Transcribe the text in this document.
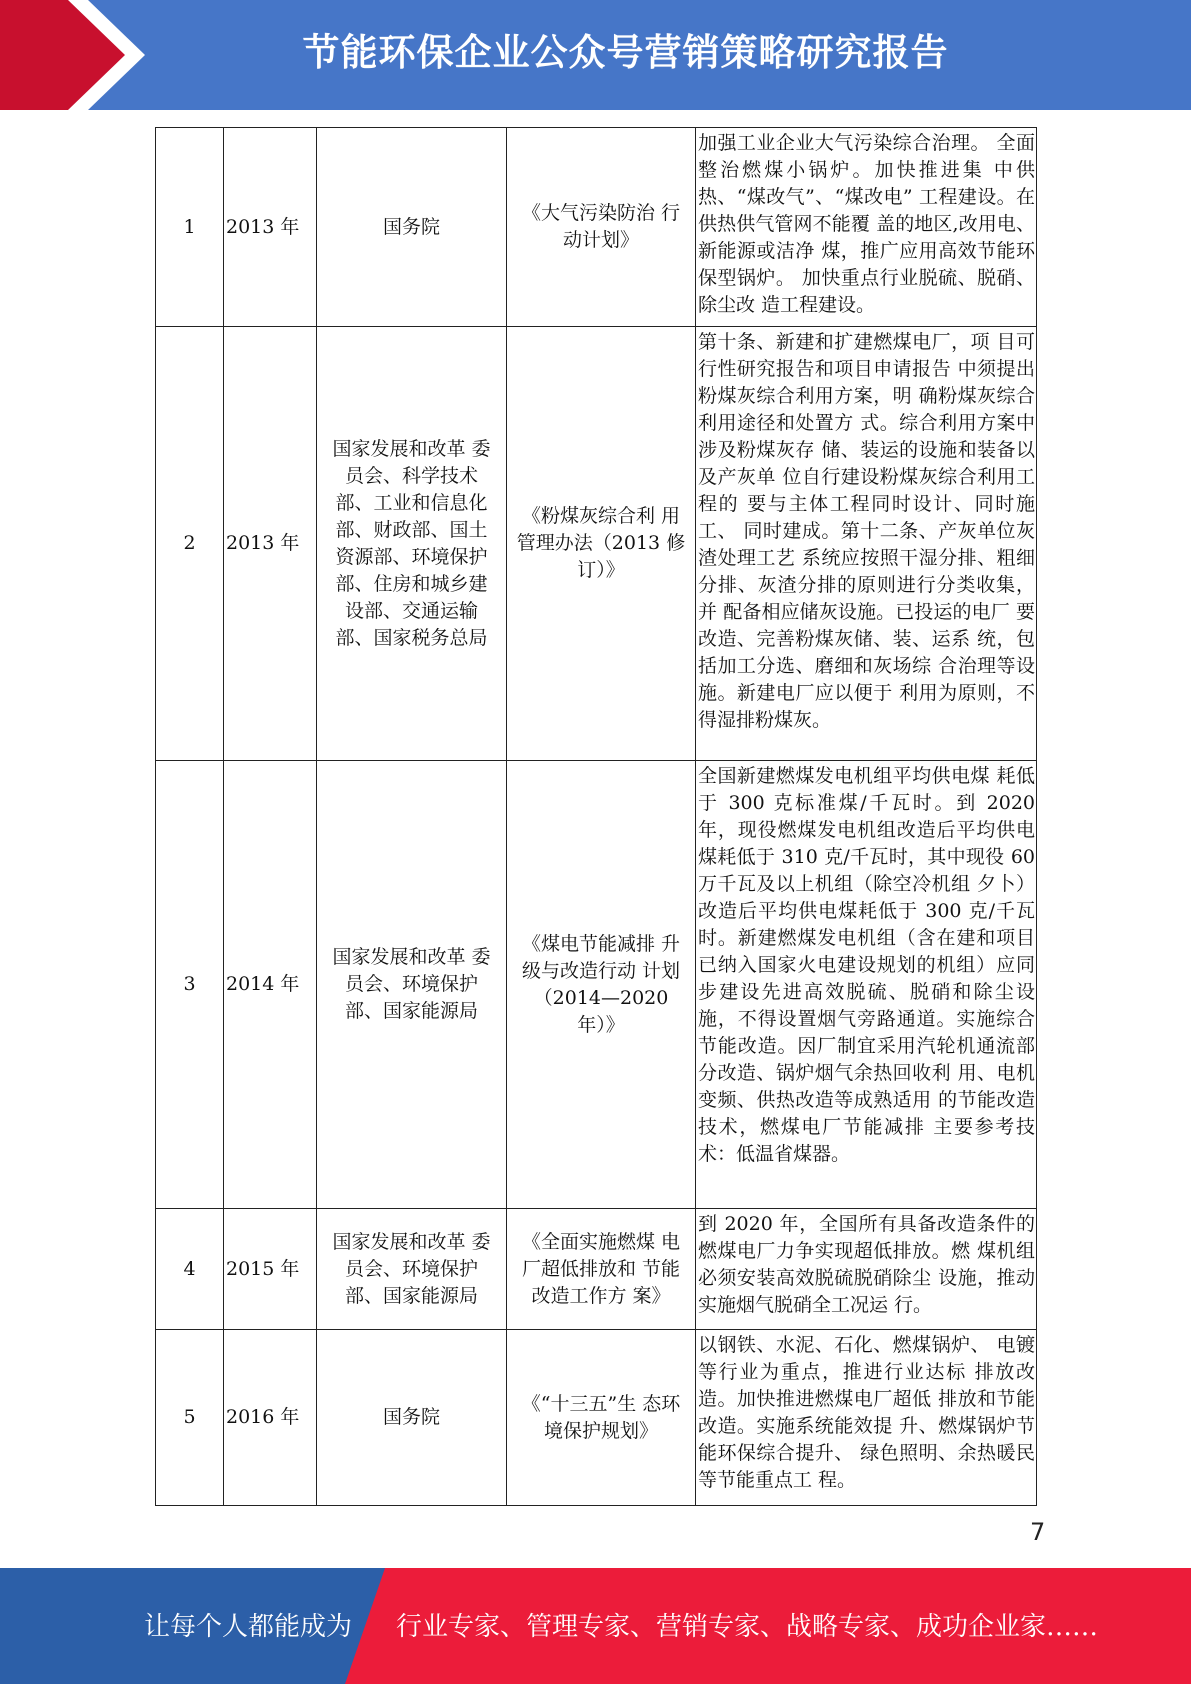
节能环保企业公众号营销策略研究报告
1	2013 年	国务院	《大气污染防治 行动计划》	加强工业企业大气污染综合治理。 全面整治燃煤小锅炉。加快推进集 中供热、“煤改气”、“煤改电” 工程建设。在供热供气管网不能覆 盖的地区,改用电、新能源或洁净 煤，推广应用高效节能环保型锅炉。 加快重点行业脱硫、脱硝、除尘改 造工程建设。
2	2013 年	国家发展和改革 委员会、科学技术部、工业和信息化部、财政部、国土资源部、环境保护部、住房和城乡建设部、交通运输部、国家税务总局	《粉煤灰综合利 用管理办法（2013 修订）》	第十条、新建和扩建燃煤电厂，项 目可行性研究报告和项目申请报告 中须提出粉煤灰综合利用方案，明 确粉煤灰综合利用途径和处置方 式。综合利用方案中涉及粉煤灰存 储、装运的设施和装备以及产灰单 位自行建设粉煤灰综合利用工程的 要与主体工程同时设计、同时施工、 同时建成。第十二条、产灰单位灰渣处理工艺 系统应按照干湿分排、粗细分排、灰渣分排的原则进行分类收集，并 配备相应储灰设施。已投运的电厂 要改造、完善粉煤灰储、装、运系 统，包括加工分选、磨细和灰场综 合治理等设施。新建电厂应以便于 利用为原则，不得湿排粉煤灰。
3	2014 年	国家发展和改革 委员会、环境保护部、国家能源局	《煤电节能减排 升级与改造行动 计划（2014—2020 年）》	全国新建燃煤发电机组平均供电煤 耗低于 300 克标准煤/千瓦时。到 2020 年，现役燃煤发电机组改造后平均供电煤耗低于 310 克/千瓦时，其中现役 60 万千瓦及以上机组（除空冷机组 夕卜）改造后平均供电煤耗低于 300 克/千瓦时。新建燃煤发电机组（含在建和项目已纳入国家火电建设规划的机组）应同步建设先进高效脱硫、脱硝和除尘设施，不得设置烟气旁路通道。实施综合节能改造。因厂制宜采用汽轮机通流部分改造、锅炉烟气余热回收利 用、电机变频、供热改造等成熟适用 的节能改造技术，燃煤电厂节能减排 主要参考技术：低温省煤器。
4	2015 年	国家发展和改革 委员会、环境保护部、国家能源局	《全面实施燃煤 电厂超低排放和 节能改造工作方 案》	到 2020 年，全国所有具备改造条件的燃煤电厂力争实现超低排放。燃 煤机组必须安装高效脱硫脱硝除尘 设施，推动实施烟气脱硝全工况运 行。
5	2016 年	国务院	《“十三五”生 态环境保护规划》	以钢铁、水泥、石化、燃煤锅炉、 电镀等行业为重点，推进行业达标 排放改造。加快推进燃煤电厂超低 排放和节能改造。实施系统能效提 升、燃煤锅炉节能环保综合提升、 绿色照明、余热暖民等节能重点工 程。
7
让每个人都能成为 行业专家、管理专家、营销专家、战略专家、成功企业家……
